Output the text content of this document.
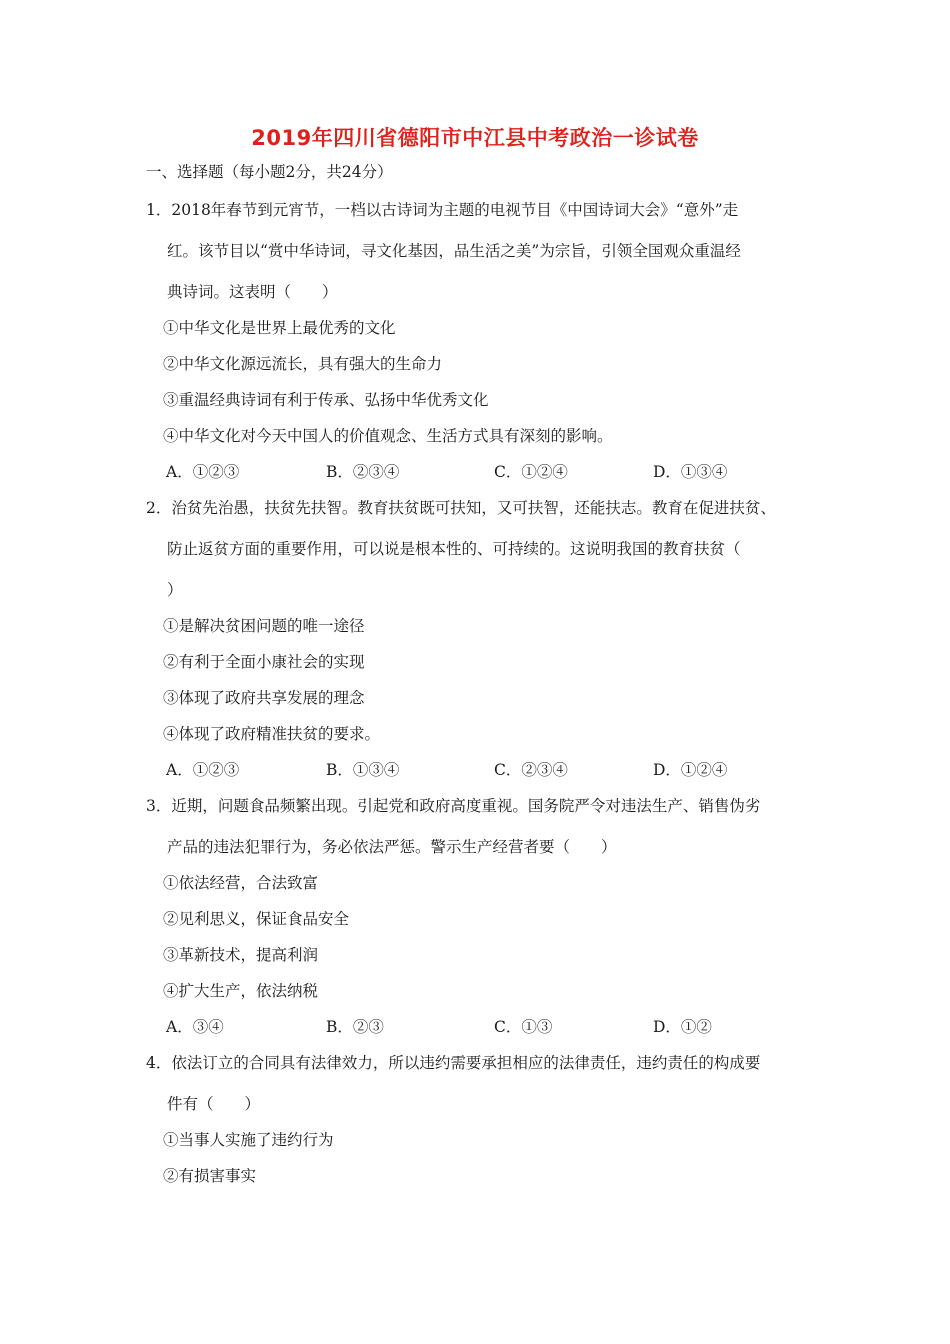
2019年四川省德阳市中江县中考政治一诊试卷
一、选择题（每小题2分，共24分）
1．2018年春节到元宵节，一档以古诗词为主题的电视节目《中国诗词大会》“意外”走
红。该节目以“赏中华诗词，寻文化基因，品生活之美”为宗旨，引领全国观众重温经
典诗词。这表明（　　）
①中华文化是世界上最优秀的文化
②中华文化源远流长，具有强大的生命力
③重温经典诗词有利于传承、弘扬中华优秀文化
④中华文化对今天中国人的价值观念、生活方式具有深刻的影响。
A．①②③	B．②③④	C．①②④	D．①③④
2．治贫先治愚，扶贫先扶智。教育扶贫既可扶知，又可扶智，还能扶志。教育在促进扶贫、
防止返贫方面的重要作用，可以说是根本性的、可持续的。这说明我国的教育扶贫（
）
①是解决贫困问题的唯一途径
②有利于全面小康社会的实现
③体现了政府共享发展的理念
④体现了政府精准扶贫的要求。
A．①②③	B．①③④	C．②③④	D．①②④
3．近期，问题食品频繁出现。引起党和政府高度重视。国务院严令对违法生产、销售伪劣
产品的违法犯罪行为，务必依法严惩。警示生产经营者要（　　）
①依法经营，合法致富
②见利思义，保证食品安全
③革新技术，提高利润
④扩大生产，依法纳税
A．③④	B．②③	C．①③	D．①②
4．依法订立的合同具有法律效力，所以违约需要承担相应的法律责任，违约责任的构成要
件有（　　）
①当事人实施了违约行为
②有损害事实
